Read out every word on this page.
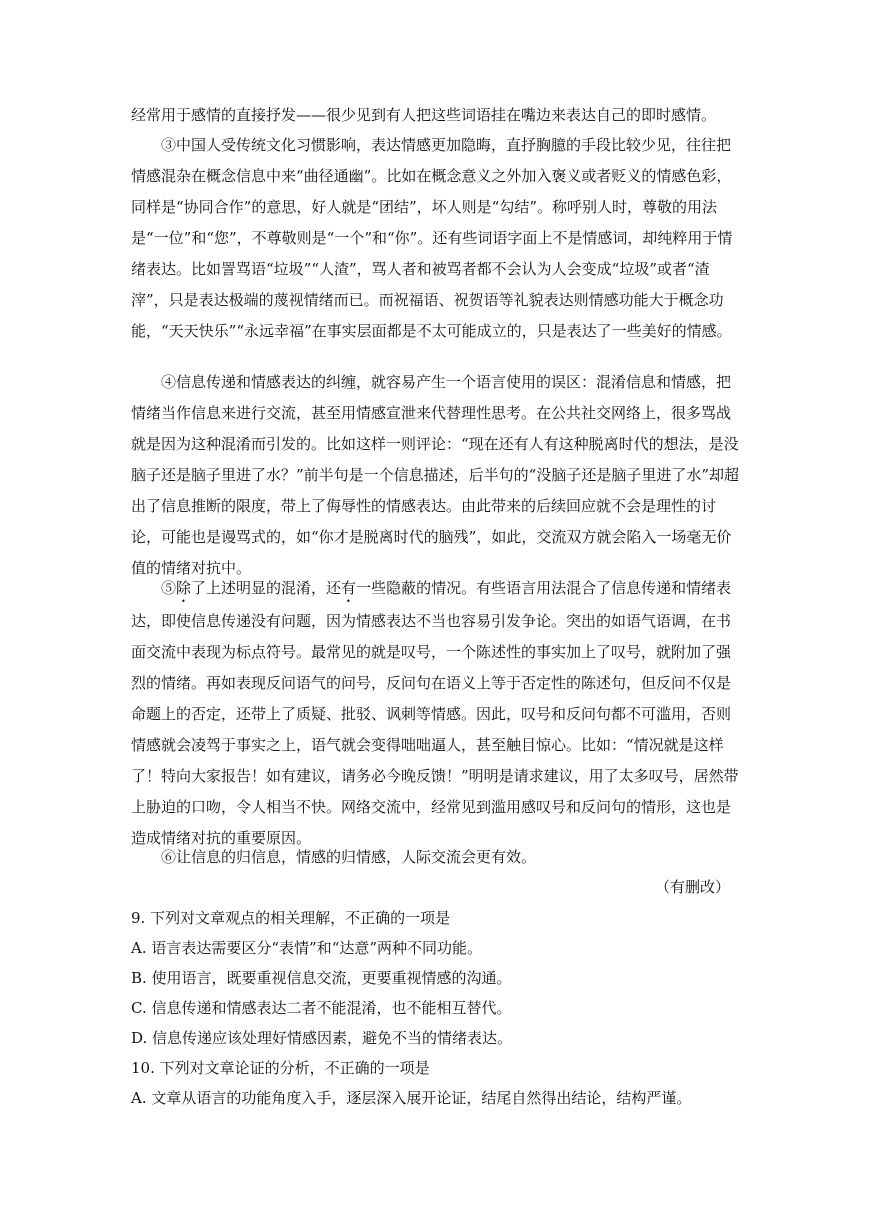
经常用于感情的直接抒发——很少见到有人把这些词语挂在嘴边来表达自己的即时感情。
　　③中国人受传统文化习惯影响，表达情感更加隐晦，直抒胸臆的手段比较少见，往往把情感混杂在概念信息中来“曲径通幽”。比如在概念意义之外加入褒义或者贬义的情感色彩，同样是“协同合作”的意思，好人就是“团结”，坏人则是“勾结”。称呼别人时，尊敬的用法是“一位”和“您”，不尊敬则是“一个”和“你”。还有些词语字面上不是情感词，却纯粹用于情绪表达。比如詈骂语“垃圾”“人渣”，骂人者和被骂者都不会认为人会变成“垃圾”或者“渣滓”，只是表达极端的蔑视情绪而已。而祝福语、祝贺语等礼貌表达则情感功能大于概念功能，“天天快乐”“永远幸福”在事实层面都是不太可能成立的，只是表达了一些美好的情感。
　　④信息传递和情感表达的纠缠，就容易产生一个语言使用的误区：混淆信息和情感，把情绪当作信息来进行交流，甚至用情感宣泄来代替理性思考。在公共社交网络上，很多骂战就是因为这种混淆而引发的。比如这样一则评论：“现在还有人有这种脱离时代的想法，是没脑子还是脑子里进了水？”前半句是一个信息描述，后半句的“没脑子还是脑子里进了水”却超出了信息推断的限度，带上了侮辱性的情感表达。由此带来的后续回应就不会是理性的讨论，可能也是谩骂式的，如“你才是脱离时代的脑残”，如此，交流双方就会陷入一场毫无价值的情绪对抗中。
　　⑤除了上述明显的混淆，还有一些隐蔽的情况。有些语言用法混合了信息传递和情绪表达，即使信息传递没有问题，因为情感表达不当也容易引发争论。突出的如语气语调，在书面交流中表现为标点符号。最常见的就是叹号，一个陈述性的事实加上了叹号，就附加了强烈的情绪。再如表现反问语气的问号，反问句在语义上等于否定性的陈述句，但反问不仅是命题上的否定，还带上了质疑、批驳、讽刺等情感。因此，叹号和反问句都不可滥用，否则情感就会凌驾于事实之上，语气就会变得咄咄逼人，甚至触目惊心。比如：“情况就是这样了！特向大家报告！如有建议，请务必今晚反馈！”明明是请求建议，用了太多叹号，居然带上胁迫的口吻，令人相当不快。网络交流中，经常见到滥用感叹号和反问句的情形，这也是造成情绪对抗的重要原因。
　　⑥让信息的归信息，情感的归情感，人际交流会更有效。
（有删改）
9. 下列对文章观点的相关理解，不正确的一项是
A. 语言表达需要区分“表情”和“达意”两种不同功能。
B. 使用语言，既要重视信息交流，更要重视情感的沟通。
C. 信息传递和情感表达二者不能混淆，也不能相互替代。
D. 信息传递应该处理好情感因素，避免不当的情绪表达。
10. 下列对文章论证的分析，不正确的一项是
A. 文章从语言的功能角度入手，逐层深入展开论证，结尾自然得出结论，结构严谨。
